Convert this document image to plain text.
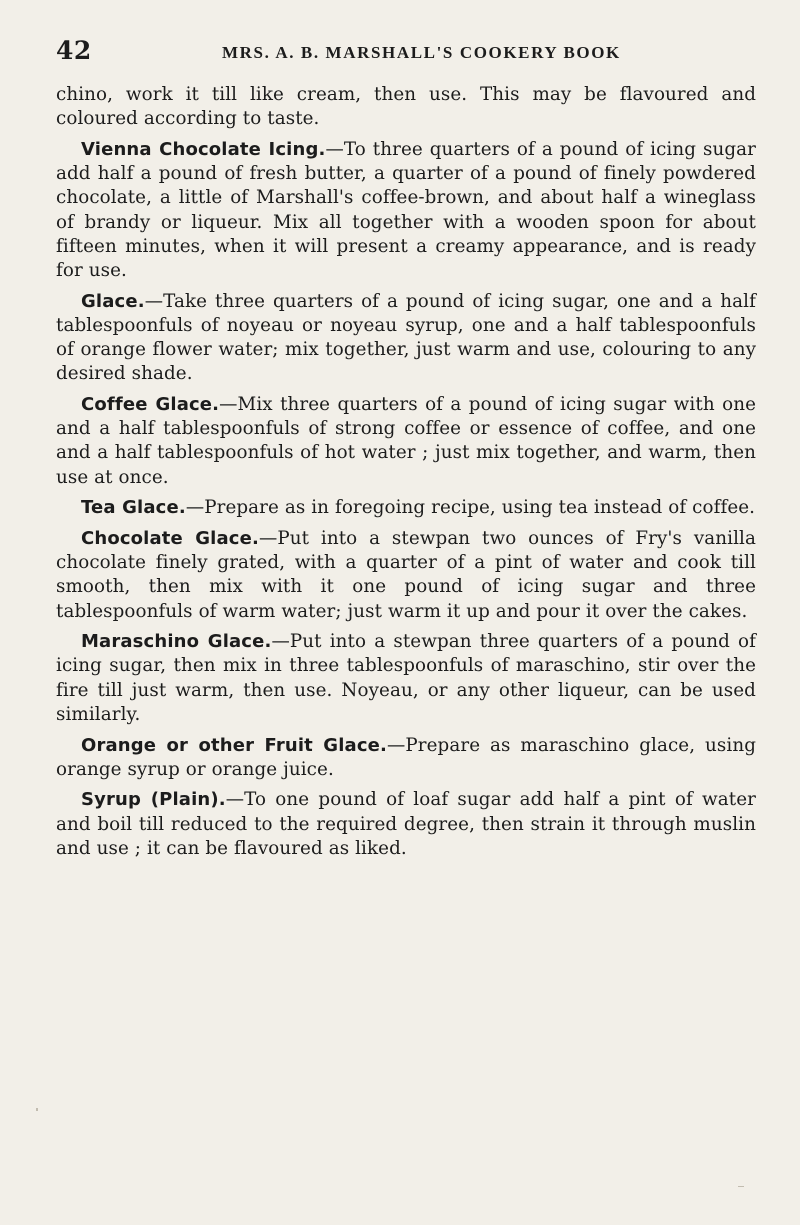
42	MRS. A. B. MARSHALL'S COOKERY BOOK

chino, work it till like cream, then use. This may be flavoured and coloured according to taste.

Vienna Chocolate Icing.—To three quarters of a pound of icing sugar add half a pound of fresh butter, a quarter of a pound of finely powdered chocolate, a little of Marshall's coffee-brown, and about half a wineglass of brandy or liqueur. Mix all together with a wooden spoon for about fifteen minutes, when it will present a creamy appearance, and is ready for use.

Glace.—Take three quarters of a pound of icing sugar, one and a half tablespoonfuls of noyeau or noyeau syrup, one and a half tablespoonfuls of orange flower water; mix together, just warm and use, colouring to any desired shade.

Coffee Glace.—Mix three quarters of a pound of icing sugar with one and a half tablespoonfuls of strong coffee or essence of coffee, and one and a half tablespoonfuls of hot water ; just mix together, and warm, then use at once.

Tea Glace.—Prepare as in foregoing recipe, using tea instead of coffee.

Chocolate Glace.—Put into a stewpan two ounces of Fry's vanilla chocolate finely grated, with a quarter of a pint of water and cook till smooth, then mix with it one pound of icing sugar and three tablespoonfuls of warm water; just warm it up and pour it over the cakes.

Maraschino Glace.—Put into a stewpan three quarters of a pound of icing sugar, then mix in three tablespoonfuls of maraschino, stir over the fire till just warm, then use. Noyeau, or any other liqueur, can be used similarly.

Orange or other Fruit Glace.—Prepare as maraschino glace, using orange syrup or orange juice.

Syrup (Plain).—To one pound of loaf sugar add half a pint of water and boil till reduced to the required degree, then strain it through muslin and use ; it can be flavoured as liked.
